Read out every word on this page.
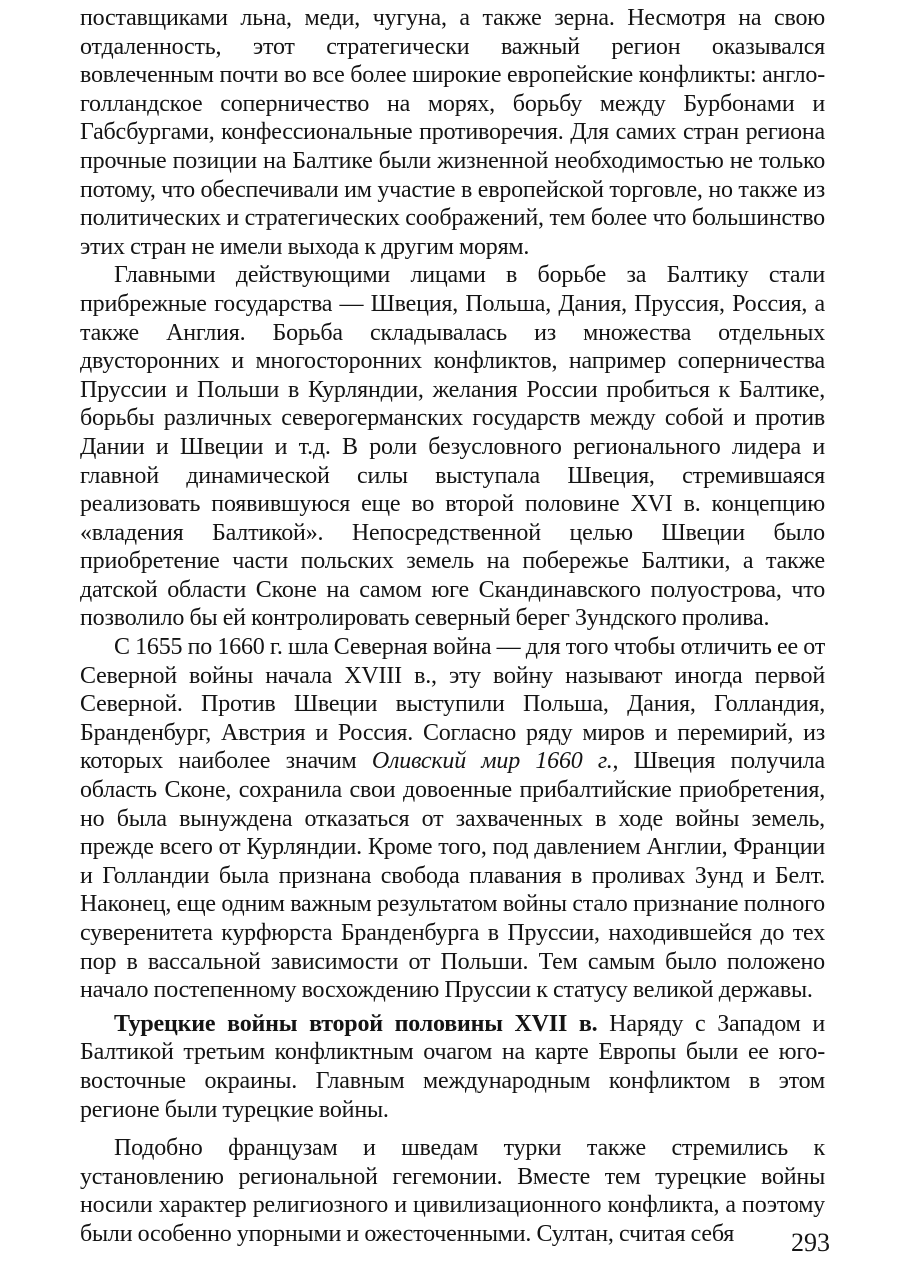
поставщиками льна, меди, чугуна, а также зерна. Несмотря на свою отдаленность, этот стратегически важный регион оказывался вовлеченным почти во все более широкие европейские конфликты: англо-голландское соперничество на морях, борьбу между Бурбонами и Габсбургами, конфессиональные противоречия. Для самих стран региона прочные позиции на Балтике были жизненной необходимостью не только потому, что обеспечивали им участие в европейской торговле, но также из политических и стратегических соображений, тем более что большинство этих стран не имели выхода к другим морям.

Главными действующими лицами в борьбе за Балтику стали прибрежные государства — Швеция, Польша, Дания, Пруссия, Россия, а также Англия. Борьба складывалась из множества отдельных двусторонних и многосторонних конфликтов, например соперничества Пруссии и Польши в Курляндии, желания России пробиться к Балтике, борьбы различных северогерманских государств между собой и против Дании и Швеции и т.д. В роли безусловного регионального лидера и главной динамической силы выступала Швеция, стремившаяся реализовать появившуюся еще во второй половине XVI в. концепцию «владения Балтикой». Непосредственной целью Швеции было приобретение части польских земель на побережье Балтики, а также датской области Сконе на самом юге Скандинавского полуострова, что позволило бы ей контролировать северный берег Зундского пролива.

С 1655 по 1660 г. шла Северная война — для того чтобы отличить ее от Северной войны начала XVIII в., эту войну называют иногда первой Северной. Против Швеции выступили Польша, Дания, Голландия, Бранденбург, Австрия и Россия. Согласно ряду миров и перемирий, из которых наиболее значим Оливский мир 1660 г., Швеция получила область Сконе, сохранила свои довоенные прибалтийские приобретения, но была вынуждена отказаться от захваченных в ходе войны земель, прежде всего от Курляндии. Кроме того, под давлением Англии, Франции и Голландии была признана свобода плавания в проливах Зунд и Белт. Наконец, еще одним важным результатом войны стало признание полного суверенитета курфюрста Бранденбурга в Пруссии, находившейся до тех пор в вассальной зависимости от Польши. Тем самым было положено начало постепенному восхождению Пруссии к статусу великой державы.

Турецкие войны второй половины XVII в. Наряду с Западом и Балтикой третьим конфликтным очагом на карте Европы были ее юго-восточные окраины. Главным международным конфликтом в этом регионе были турецкие войны.

Подобно французам и шведам турки также стремились к установлению региональной гегемонии. Вместе тем турецкие войны носили характер религиозного и цивилизационного конфликта, а поэтому были особенно упорными и ожесточенными. Султан, считая себя	293
